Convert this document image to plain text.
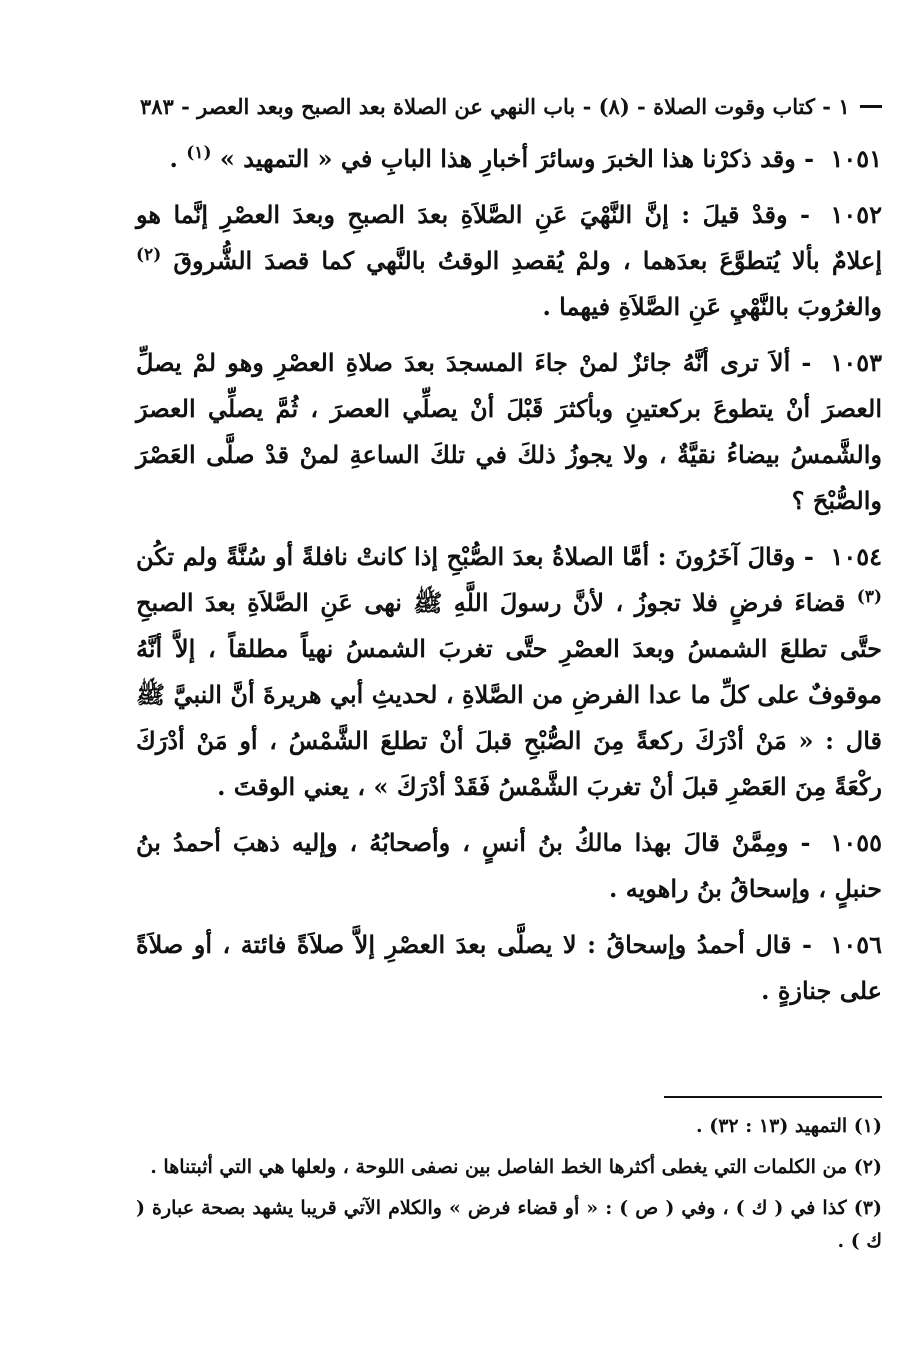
١ - كتاب وقوت الصلاة - (٨) - باب النهي عن الصلاة بعد الصبح وبعد العصر - ٣٨٣

١٠٥١ - وقد ذكرْنا هذا الخبرَ وسائرَ أخبارِ هذا البابِ في « التمهيد » $^{(١)}$ .

١٠٥٢ - وقدْ قيلَ : إنَّ النَّهْيَ عَنِ الصَّلاَةِ بعدَ الصبحِ وبعدَ العصْرِ إنَّما هو إعلامٌ بألا يُتطوَّعَ بعدَهما ، ولمْ يُقصدِ الوقتُ بالنَّهي كما قصدَ الشُّروقَ $^{(٢)}$ والغرُوبَ بالنَّهْيِ عَنِ الصَّلاَةِ فيهما .

١٠٥٣ - ألاَ ترى أنَّهُ جائزٌ لمنْ جاءَ المسجدَ بعدَ صلاةِ العصْرِ وهو لمْ يصلِّ العصرَ أنْ يتطوعَ بركعتينِ وبأكثرَ قَبْلَ أنْ يصلِّي العصرَ ، ثُمَّ يصلِّي العصرَ والشَّمسُ بيضاءُ نقيَّةٌ ، ولا يجوزُ ذلكَ في تلكَ الساعةِ لمنْ قدْ صلَّى العَصْرَ والصُّبْحَ ؟

١٠٥٤ - وقالَ آخَرُونَ : أمَّا الصلاةُ بعدَ الصُّبْحِ إذا كانتْ نافلةً أو سُنَّةً ولم تكُن $^{(٣)}$ قضاءَ فرضٍ فلا تجوزُ ، لأنَّ رسولَ اللَّهِ ﷺ نهى عَنِ الصَّلاَةِ بعدَ الصبحِ حتَّى تطلعَ الشمسُ وبعدَ العصْرِ حتَّى تغربَ الشمسُ نهياً مطلقاً ، إلاَّ أنَّهُ موقوفٌ على كلِّ ما عدا الفرضِ من الصَّلاةِ ، لحديثِ أبي هريرةَ أنَّ النبيَّ ﷺ قال : « مَنْ أدْرَكَ ركعةً مِنَ الصُّبْحِ قبلَ أنْ تطلعَ الشَّمْسُ ، أو مَنْ أدْرَكَ ركْعَةً مِنَ العَصْرِ قبلَ أنْ تغربَ الشَّمْسُ فَقَدْ أدْرَكَ » ، يعني الوقتَ .

١٠٥٥ - ومِمَّنْ قالَ بهذا مالكُ بنُ أنسٍ ، وأصحابُهُ ، وإليه ذهبَ أحمدُ بنُ حنبلٍ ، وإسحاقُ بنُ راهويه .

١٠٥٦ - قال أحمدُ وإسحاقُ : لا يصلَّى بعدَ العصْرِ إلاَّ صلاَةً فائتة ، أو صلاَةً على جنازةٍ .

(١) التمهيد (١٣ : ٣٢) .

(٢) من الكلمات التي يغطى أكثرها الخط الفاصل بين نصفى اللوحة ، ولعلها هي التي أثبتناها .

(٣) كذا في ( ك ) ، وفي ( ص ) : « أو قضاء فرض » والكلام الآتي قريبا يشهد بصحة عبارة ( ك ) .
